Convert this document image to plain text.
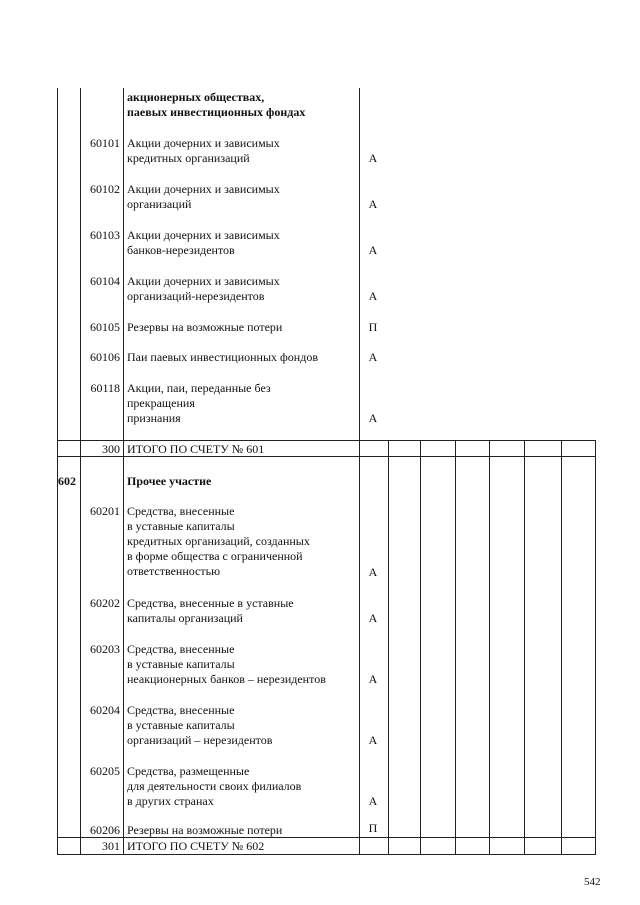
акционерных обществах,
паевых инвестиционных фондах
60101 Акции дочерних и зависимых
кредитных организаций	А
60102 Акции дочерних и зависимых
организаций	А
60103 Акции дочерних и зависимых
банков-нерезидентов	А
60104 Акции дочерних и зависимых
организаций-нерезидентов	А
60105 Резервы на возможные потери	П
60106 Паи паевых инвестиционных фондов	А
60118 Акции, паи, переданные без
прекращения
признания	А
300 ИТОГО ПО СЧЕТУ № 601
602	Прочее участие
60201 Средства, внесенные
в уставные капиталы
кредитных организаций, созданных
в форме общества с ограниченной
ответственностью	А
60202 Средства, внесенные в уставные
капиталы организаций	А
60203 Средства, внесенные
в уставные капиталы
неакционерных банков – нерезидентов	А
60204 Средства, внесенные
в уставные капиталы
организаций – нерезидентов	А
60205 Средства, размещенные
для деятельности своих филиалов
в других странах	А
60206 Резервы на возможные потери	П
301 ИТОГО ПО СЧЕТУ № 602
542
